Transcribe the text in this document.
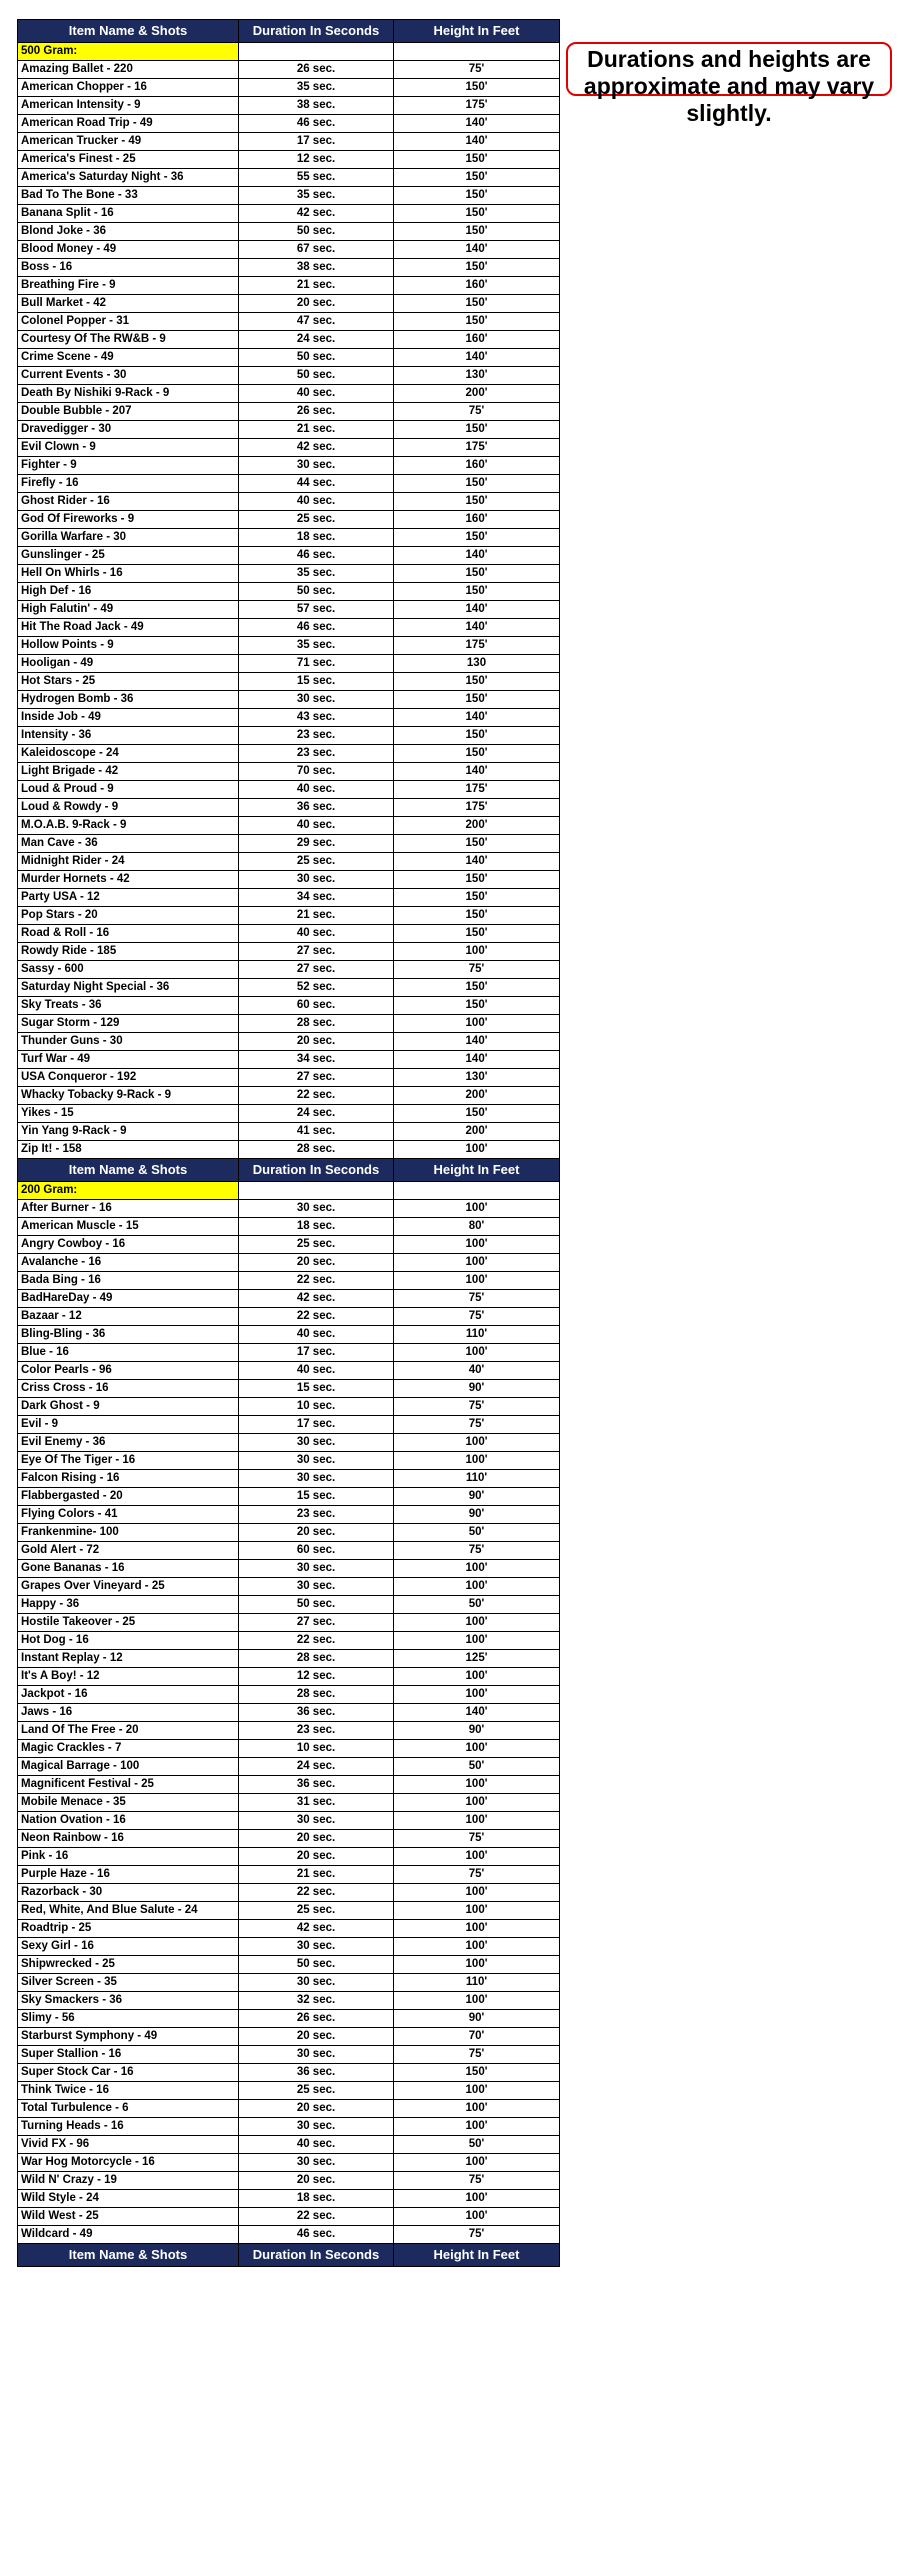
Item Name & Shots	Duration In Seconds	Height In Feet
500 Gram:		
Amazing Ballet - 220	26 sec.	75'
American Chopper - 16	35 sec.	150'
American Intensity - 9	38 sec.	175'
American Road Trip - 49	46 sec.	140'
American Trucker - 49	17 sec.	140'
America's Finest - 25	12 sec.	150'
America's Saturday Night - 36	55 sec.	150'
Bad To The Bone - 33	35 sec.	150'
Banana Split - 16	42 sec.	150'
Blond Joke - 36	50 sec.	150'
Blood Money - 49	67 sec.	140'
Boss - 16	38 sec.	150'
Breathing Fire - 9	21 sec.	160'
Bull Market - 42	20 sec.	150'
Colonel Popper - 31	47 sec.	150'
Courtesy Of The RW&B - 9	24 sec.	160'
Crime Scene - 49	50 sec.	140'
Current Events - 30	50 sec.	130'
Death By Nishiki 9-Rack - 9	40 sec.	200'
Double Bubble - 207	26 sec.	75'
Dravedigger - 30	21 sec.	150'
Evil Clown - 9	42 sec.	175'
Fighter - 9	30 sec.	160'
Firefly - 16	44 sec.	150'
Ghost Rider - 16	40 sec.	150'
God Of Fireworks - 9	25 sec.	160'
Gorilla Warfare - 30	18 sec.	150'
Gunslinger - 25	46 sec.	140'
Hell On Whirls - 16	35 sec.	150'
High Def - 16	50 sec.	150'
High Falutin' - 49	57 sec.	140'
Hit The Road Jack - 49	46 sec.	140'
Hollow Points - 9	35 sec.	175'
Hooligan - 49	71 sec.	130
Hot Stars - 25	15 sec.	150'
Hydrogen Bomb - 36	30 sec.	150'
Inside Job - 49	43 sec.	140'
Intensity - 36	23 sec.	150'
Kaleidoscope - 24	23 sec.	150'
Light Brigade - 42	70 sec.	140'
Loud & Proud - 9	40 sec.	175'
Loud & Rowdy - 9	36 sec.	175'
M.O.A.B. 9-Rack - 9	40 sec.	200'
Man Cave - 36	29 sec.	150'
Midnight Rider - 24	25 sec.	140'
Murder Hornets - 42	30 sec.	150'
Party USA - 12	34 sec.	150'
Pop Stars - 20	21 sec.	150'
Road & Roll - 16	40 sec.	150'
Rowdy Ride - 185	27 sec.	100'
Sassy - 600	27 sec.	75'
Saturday Night Special - 36	52 sec.	150'
Sky Treats - 36	60 sec.	150'
Sugar Storm - 129	28 sec.	100'
Thunder Guns - 30	20 sec.	140'
Turf War - 49	34 sec.	140'
USA Conqueror - 192	27 sec.	130'
Whacky Tobacky 9-Rack - 9	22 sec.	200'
Yikes - 15	24 sec.	150'
Yin Yang 9-Rack - 9	41 sec.	200'
Zip It! - 158	28 sec.	100'
Item Name & Shots	Duration In Seconds	Height In Feet
200 Gram:		
After Burner - 16	30 sec.	100'
American Muscle - 15	18 sec.	80'
Angry Cowboy - 16	25 sec.	100'
Avalanche - 16	20 sec.	100'
Bada Bing - 16	22 sec.	100'
BadHareDay - 49	42 sec.	75'
Bazaar - 12	22 sec.	75'
Bling-Bling - 36	40 sec.	110'
Blue - 16	17 sec.	100'
Color Pearls - 96	40 sec.	40'
Criss Cross - 16	15 sec.	90'
Dark Ghost - 9	10 sec.	75'
Evil - 9	17 sec.	75'
Evil Enemy - 36	30 sec.	100'
Eye Of The Tiger - 16	30 sec.	100'
Falcon Rising - 16	30 sec.	110'
Flabbergasted - 20	15 sec.	90'
Flying Colors - 41	23 sec.	90'
Frankenmine- 100	20 sec.	50'
Gold Alert - 72	60 sec.	75'
Gone Bananas - 16	30 sec.	100'
Grapes Over Vineyard - 25	30 sec.	100'
Happy - 36	50 sec.	50'
Hostile Takeover - 25	27 sec.	100'
Hot Dog - 16	22 sec.	100'
Instant Replay - 12	28 sec.	125'
It's A Boy! - 12	12 sec.	100'
Jackpot - 16	28 sec.	100'
Jaws - 16	36 sec.	140'
Land Of The Free - 20	23 sec.	90'
Magic Crackles - 7	10 sec.	100'
Magical Barrage - 100	24 sec.	50'
Magnificent Festival - 25	36 sec.	100'
Mobile Menace - 35	31 sec.	100'
Nation Ovation - 16	30 sec.	100'
Neon Rainbow - 16	20 sec.	75'
Pink - 16	20 sec.	100'
Purple Haze - 16	21 sec.	75'
Razorback - 30	22 sec.	100'
Red, White, And Blue Salute - 24	25 sec.	100'
Roadtrip - 25	42 sec.	100'
Sexy Girl - 16	30 sec.	100'
Shipwrecked - 25	50 sec.	100'
Silver Screen - 35	30 sec.	110'
Sky Smackers - 36	32 sec.	100'
Slimy - 56	26 sec.	90'
Starburst Symphony - 49	20 sec.	70'
Super Stallion - 16	30 sec.	75'
Super Stock Car - 16	36 sec.	150'
Think Twice - 16	25 sec.	100'
Total Turbulence - 6	20 sec.	100'
Turning Heads - 16	30 sec.	100'
Vivid FX - 96	40 sec.	50'
War Hog Motorcycle - 16	30 sec.	100'
Wild N' Crazy - 19	20 sec.	75'
Wild Style - 24	18 sec.	100'
Wild West - 25	22 sec.	100'
Wildcard - 49	46 sec.	75'
Item Name & Shots	Duration In Seconds	Height In Feet
Durations and heights are approximate and may vary slightly.
